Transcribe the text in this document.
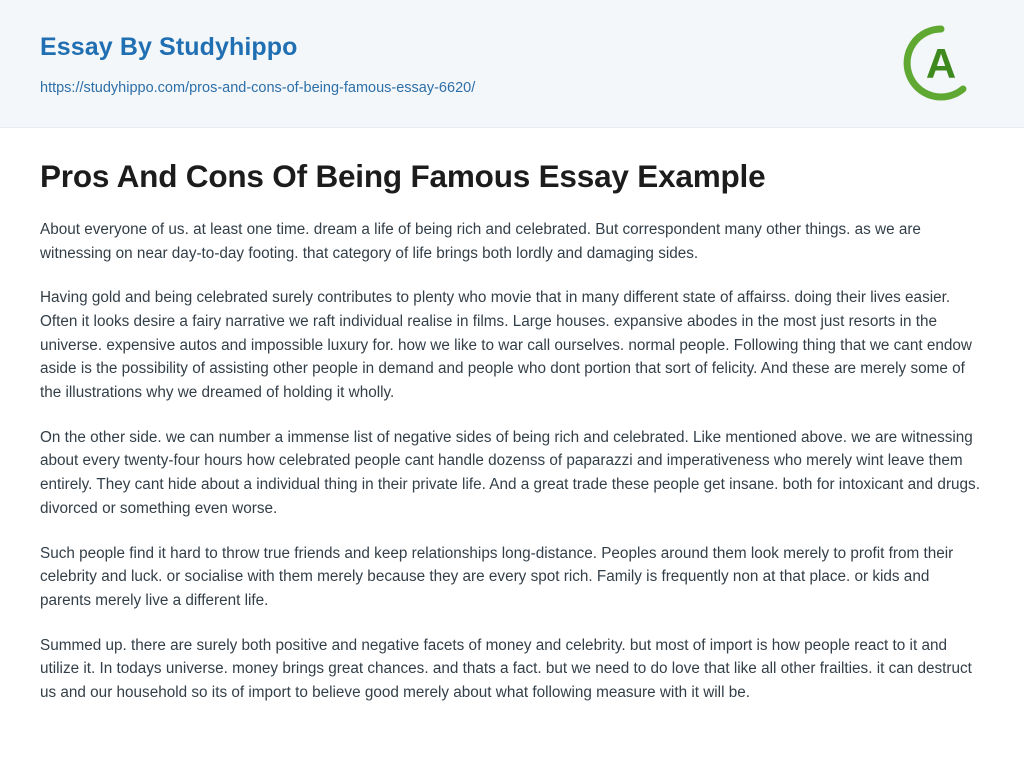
Essay By Studyhippo
https://studyhippo.com/pros-and-cons-of-being-famous-essay-6620/
A
Pros And Cons Of Being Famous Essay Example

About everyone of us. at least one time. dream a life of being rich and celebrated. But correspondent many other things. as we are witnessing on near day-to-day footing. that category of life brings both lordly and damaging sides.

Having gold and being celebrated surely contributes to plenty who movie that in many different state of affairss. doing their lives easier. Often it looks desire a fairy narrative we raft individual realise in films. Large houses. expansive abodes in the most just resorts in the universe. expensive autos and impossible luxury for. how we like to war call ourselves. normal people. Following thing that we cant endow aside is the possibility of assisting other people in demand and people who dont portion that sort of felicity. And these are merely some of the illustrations why we dreamed of holding it wholly.

On the other side. we can number a immense list of negative sides of being rich and celebrated. Like mentioned above. we are witnessing about every twenty-four hours how celebrated people cant handle dozenss of paparazzi and imperativeness who merely wint leave them entirely. They cant hide about a individual thing in their private life. And a great trade these people get insane. both for intoxicant and drugs. divorced or something even worse.

Such people find it hard to throw true friends and keep relationships long-distance. Peoples around them look merely to profit from their celebrity and luck. or socialise with them merely because they are every spot rich. Family is frequently non at that place. or kids and parents merely live a different life.

Summed up. there are surely both positive and negative facets of money and celebrity. but most of import is how people react to it and utilize it. In todays universe. money brings great chances. and thats a fact. but we need to do love that like all other frailties. it can destruct us and our household so its of import to believe good merely about what following measure with it will be.
